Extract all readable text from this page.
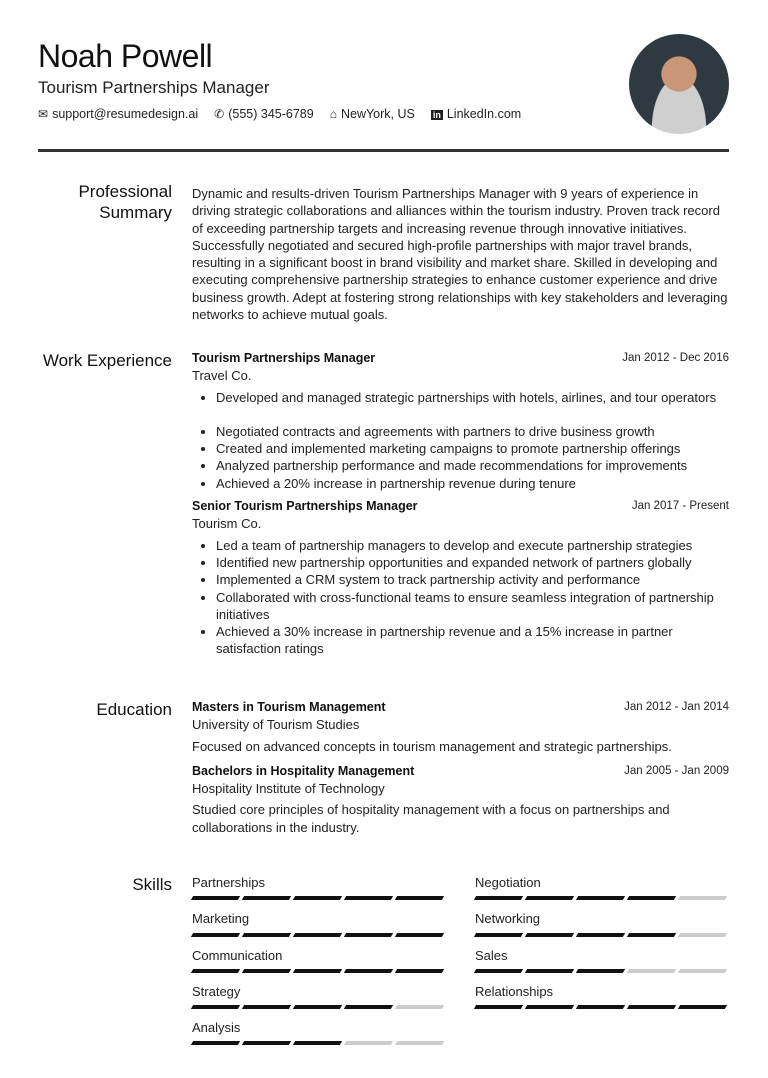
Noah Powell
Tourism Partnerships Manager
✉ support@resumedesign.ai ✆ (555) 345-6789 ⌂ NewYork, US in LinkedIn.com
Professional Summary
Dynamic and results-driven Tourism Partnerships Manager with 9 years of experience in driving strategic collaborations and alliances within the tourism industry. Proven track record of exceeding partnership targets and increasing revenue through innovative initiatives. Successfully negotiated and secured high-profile partnerships with major travel brands, resulting in a significant boost in brand visibility and market share. Skilled in developing and executing comprehensive partnership strategies to enhance customer experience and drive business growth. Adept at fostering strong relationships with key stakeholders and leveraging networks to achieve mutual goals.
Work Experience Tourism Partnerships Manager	Jan 2012 - Dec 2016
Travel Co.
• Developed and managed strategic partnerships with hotels, airlines, and tour operators
• Negotiated contracts and agreements with partners to drive business growth
• Created and implemented marketing campaigns to promote partnership offerings
• Analyzed partnership performance and made recommendations for improvements
• Achieved a 20% increase in partnership revenue during tenure
Senior Tourism Partnerships Manager	Jan 2017 - Present
Tourism Co.
• Led a team of partnership managers to develop and execute partnership strategies
• Identified new partnership opportunities and expanded network of partners globally
• Implemented a CRM system to track partnership activity and performance
• Collaborated with cross-functional teams to ensure seamless integration of partnership initiatives
• Achieved a 30% increase in partnership revenue and a 15% increase in partner satisfaction ratings
Education Masters in Tourism Management	Jan 2012 - Jan 2014
University of Tourism Studies

Focused on advanced concepts in tourism management and strategic partnerships.

Bachelors in Hospitality Management	Jan 2005 - Jan 2009
Hospitality Institute of Technology

Studied core principles of hospitality management with a focus on partnerships and collaborations in the industry.

Skills Partnerships	Negotiation
Marketing	Networking
Communication	Sales
Strategy	Relationships
Analysis
